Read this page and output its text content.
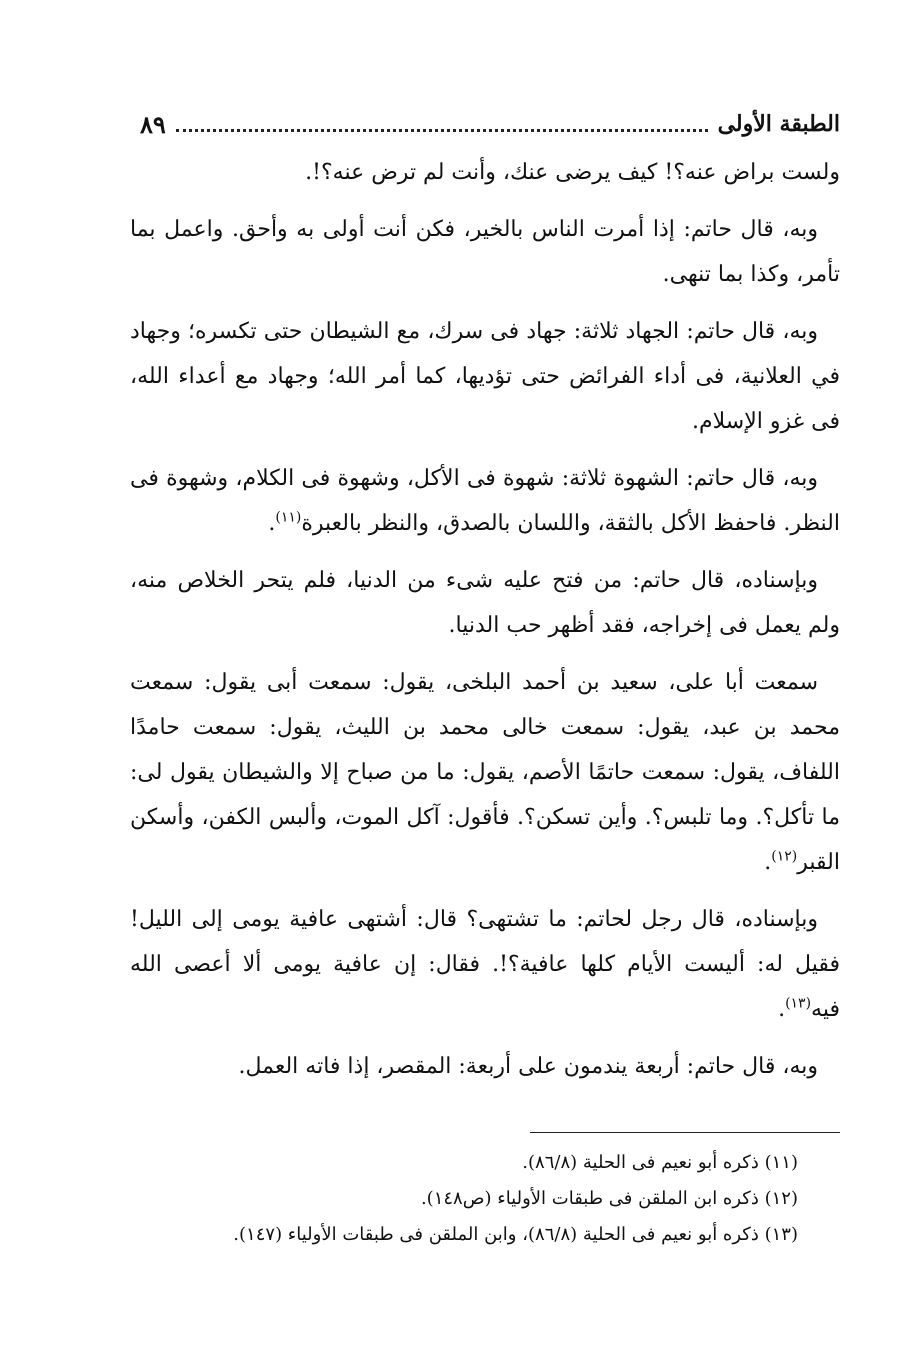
الطبقة الأولى
٨٩

ولست براض عنه؟! كيف يرضى عنك، وأنت لم ترض عنه؟!.

وبه، قال حاتم: إذا أمرت الناس بالخير، فكن أنت أولى به وأحق. واعمل بما تأمر، وكذا بما تنهى.

وبه، قال حاتم: الجهاد ثلاثة: جهاد فى سرك، مع الشيطان حتى تكسره؛ وجهاد في العلانية، فى أداء الفرائض حتى تؤديها، كما أمر الله؛ وجهاد مع أعداء الله، فى غزو الإسلام.

وبه، قال حاتم: الشهوة ثلاثة: شهوة فى الأكل، وشهوة فى الكلام، وشهوة فى النظر. فاحفظ الأكل بالثقة، واللسان بالصدق، والنظر بالعبرة$^{(١١)}$.

وبإسناده، قال حاتم: من فتح عليه شىء من الدنيا، فلم يتحر الخلاص منه، ولم يعمل فى إخراجه، فقد أظهر حب الدنيا.

سمعت أبا على، سعيد بن أحمد البلخى، يقول: سمعت أبى يقول: سمعت محمد بن عبد، يقول: سمعت خالى محمد بن الليث، يقول: سمعت حامدًا اللفاف، يقول: سمعت حاتمًا الأصم، يقول: ما من صباح إلا والشيطان يقول لى: ما تأكل؟. وما تلبس؟. وأين تسكن؟. فأقول: آكل الموت، وألبس الكفن، وأسكن القبر$^{(١٢)}$.

وبإسناده، قال رجل لحاتم: ما تشتهى؟ قال: أشتهى عافية يومى إلى الليل! فقيل له: أليست الأيام كلها عافية؟!. فقال: إن عافية يومى ألا أعصى الله فيه$^{(١٣)}$.

وبه، قال حاتم: أربعة يندمون على أربعة: المقصر، إذا فاته العمل.

(١١) ذكره أبو نعيم فى الحلية (٨٦/٨).

(١٢) ذكره ابن الملقن فى طبقات الأولياء (ص١٤٨).

(١٣) ذكره أبو نعيم فى الحلية (٨٦/٨)، وابن الملقن فى طبقات الأولياء (١٤٧).
